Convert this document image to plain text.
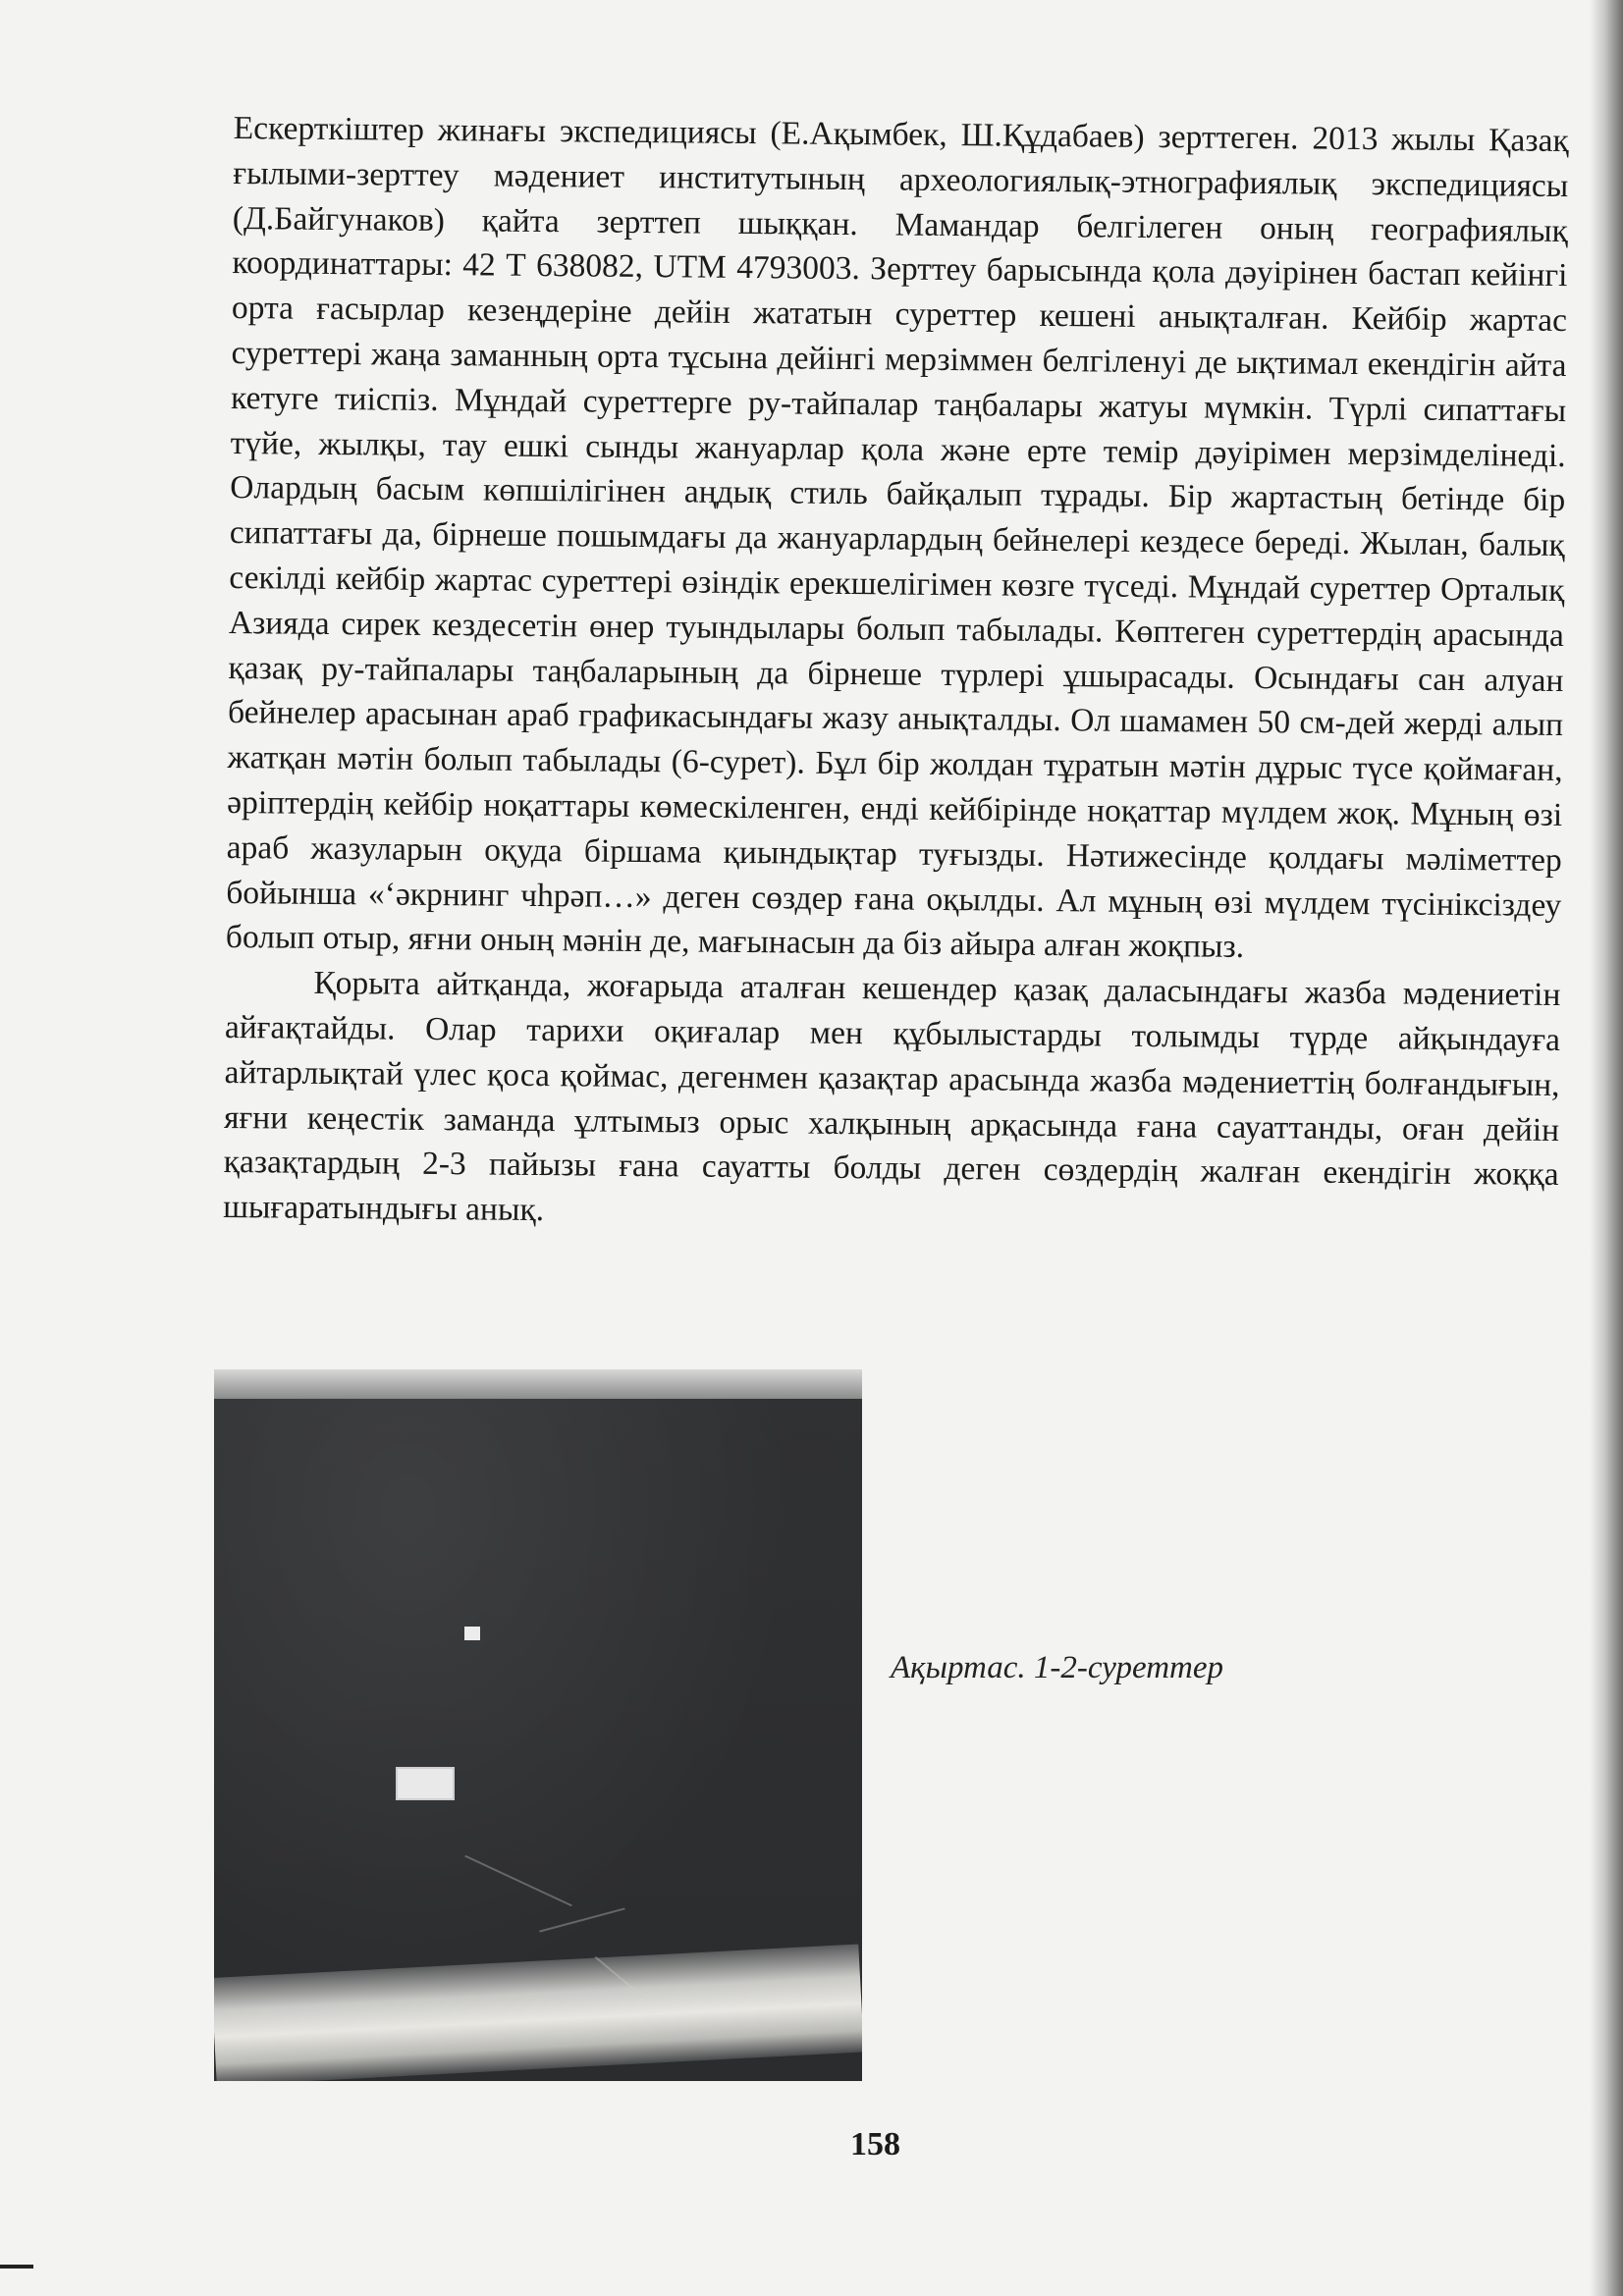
Ескерткіштер жинағы экспедициясы (Е.Ақымбек, Ш.Құдабаев) зерттеген. 2013 жылы Қазақ ғылыми-зерттеу мәдениет институтының археологиялық-этнографиялық экспедициясы (Д.Байгунаков) қайта зерттеп шыққан. Мамандар белгілеген оның географиялық координаттары: 42 Т 638082, UTM 4793003. Зерттеу барысында қола дәуірінен бастап кейінгі орта ғасырлар кезеңдеріне дейін жататын суреттер кешені анықталған. Кейбір жартас суреттері жаңа заманның орта тұсына дейінгі мерзіммен белгіленуі де ықтимал екендігін айта кетуге тиіспіз. Мұндай суреттерге ру-тайпалар таңбалары жатуы мүмкін. Түрлі сипаттағы түйе, жылқы, тау ешкі сынды жануарлар қола және ерте темір дәуірімен мерзімделінеді. Олардың басым көпшілігінен аңдық стиль байқалып тұрады. Бір жартастың бетінде бір сипаттағы да, бірнеше пошымдағы да жануарлардың бейнелері кездесе береді. Жылан, балық секілді кейбір жартас суреттері өзіндік ерекшелігімен көзге түседі. Мұндай суреттер Орталық Азияда сирек кездесетін өнер туындылары болып табылады. Көптеген суреттердің арасында қазақ ру-тайпалары таңбаларының да бірнеше түрлері ұшырасады. Осындағы сан алуан бейнелер арасынан араб графикасындағы жазу анықталды. Ол шамамен 50 см-дей жерді алып жатқан мәтін болып табылады (6-сурет). Бұл бір жолдан тұратын мәтін дұрыс түсе қоймаған, әріптердің кейбір ноқаттары көмескіленген, енді кейбірінде ноқаттар мүлдем жоқ. Мұның өзі араб жазуларын оқуда біршама қиындықтар туғызды. Нәтижесінде қолдағы мәліметтер бойынша «‘әкрнинг чһрәп…» деген сөздер ғана оқылды. Ал мұның өзі мүлдем түсініксіздеу болып отыр, яғни оның мәнін де, мағынасын да біз айыра алған жоқпыз.

Қорыта айтқанда, жоғарыда аталған кешендер қазақ даласындағы жазба мәдениетін айғақтайды. Олар тарихи оқиғалар мен құбылыстарды толымды түрде айқындауға айтарлықтай үлес қоса қоймас, дегенмен қазақтар арасында жазба мәдениеттің болғандығын, яғни кеңестік заманда ұлтымыз орыс халқының арқасында ғана сауаттанды, оған дейін қазақтардың 2-3 пайызы ғана сауатты болды деген сөздердің жалған екендігін жоққа шығаратындығы анық.

Ақыртас. 1-2-суреттер
158
